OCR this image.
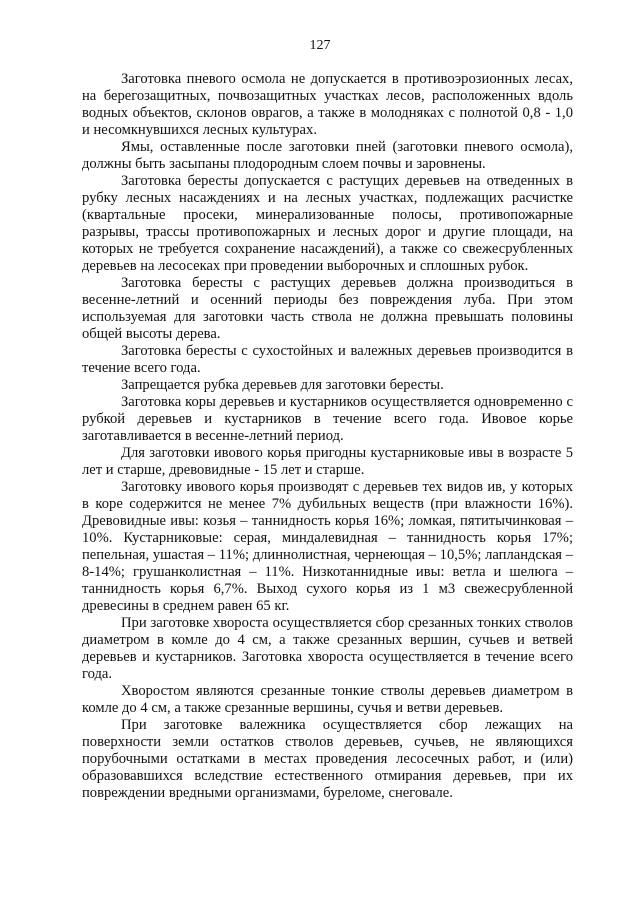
127

Заготовка пневого осмола не допускается в противоэрозионных лесах, на берегозащитных, почвозащитных участках лесов, расположенных вдоль водных объектов, склонов оврагов, а также в молодняках с полнотой 0,8 - 1,0 и несомкнувшихся лесных культурах.

Ямы, оставленные после заготовки пней (заготовки пневого осмола), должны быть засыпаны плодородным слоем почвы и заровнены.

Заготовка бересты допускается с растущих деревьев на отведенных в рубку лесных насаждениях и на лесных участках, подлежащих расчистке (квартальные просеки, минерализованные полосы, противопожарные разрывы, трассы противопожарных и лесных дорог и другие площади, на которых не требуется сохранение насаждений), а также со свежесрубленных деревьев на лесосеках при проведении выборочных и сплошных рубок.

Заготовка бересты с растущих деревьев должна производиться в весенне-летний и осенний периоды без повреждения луба. При этом используемая для заготовки часть ствола не должна превышать половины общей высоты дерева.

Заготовка бересты с сухостойных и валежных деревьев производится в течение всего года.

Запрещается рубка деревьев для заготовки бересты.

Заготовка коры деревьев и кустарников осуществляется одновременно с рубкой деревьев и кустарников в течение всего года. Ивовое корье заготавливается в весенне-летний период.

Для заготовки ивового корья пригодны кустарниковые ивы в возрасте 5 лет и старше, древовидные - 15 лет и старше.

Заготовку ивового корья производят с деревьев тех видов ив, у которых в коре содержится не менее 7% дубильных веществ (при влажности 16%). Древовидные ивы: козья – таннидность корья 16%; ломкая, пятитычинковая – 10%. Кустарниковые: серая, миндалевидная – таннидность корья 17%; пепельная, ушастая – 11%; длиннолистная, чернеющая – 10,5%; лапландская – 8-14%; грушанколистная – 11%. Низкотаннидные ивы: ветла и шелюга – таннидность корья 6,7%. Выход сухого корья из 1 м3 свежесрубленной древесины в среднем равен 65 кг.

При заготовке хвороста осуществляется сбор срезанных тонких стволов диаметром в комле до 4 см, а также срезанных вершин, сучьев и ветвей деревьев и кустарников. Заготовка хвороста осуществляется в течение всего года.

Хворостом являются срезанные тонкие стволы деревьев диаметром в комле до 4 см, а также срезанные вершины, сучья и ветви деревьев.

При заготовке валежника осуществляется сбор лежащих на поверхности земли остатков стволов деревьев, сучьев, не являющихся порубочными остатками в местах проведения лесосечных работ, и (или) образовавшихся вследствие естественного отмирания деревьев, при их повреждении вредными организмами, буреломе, снеговале.
